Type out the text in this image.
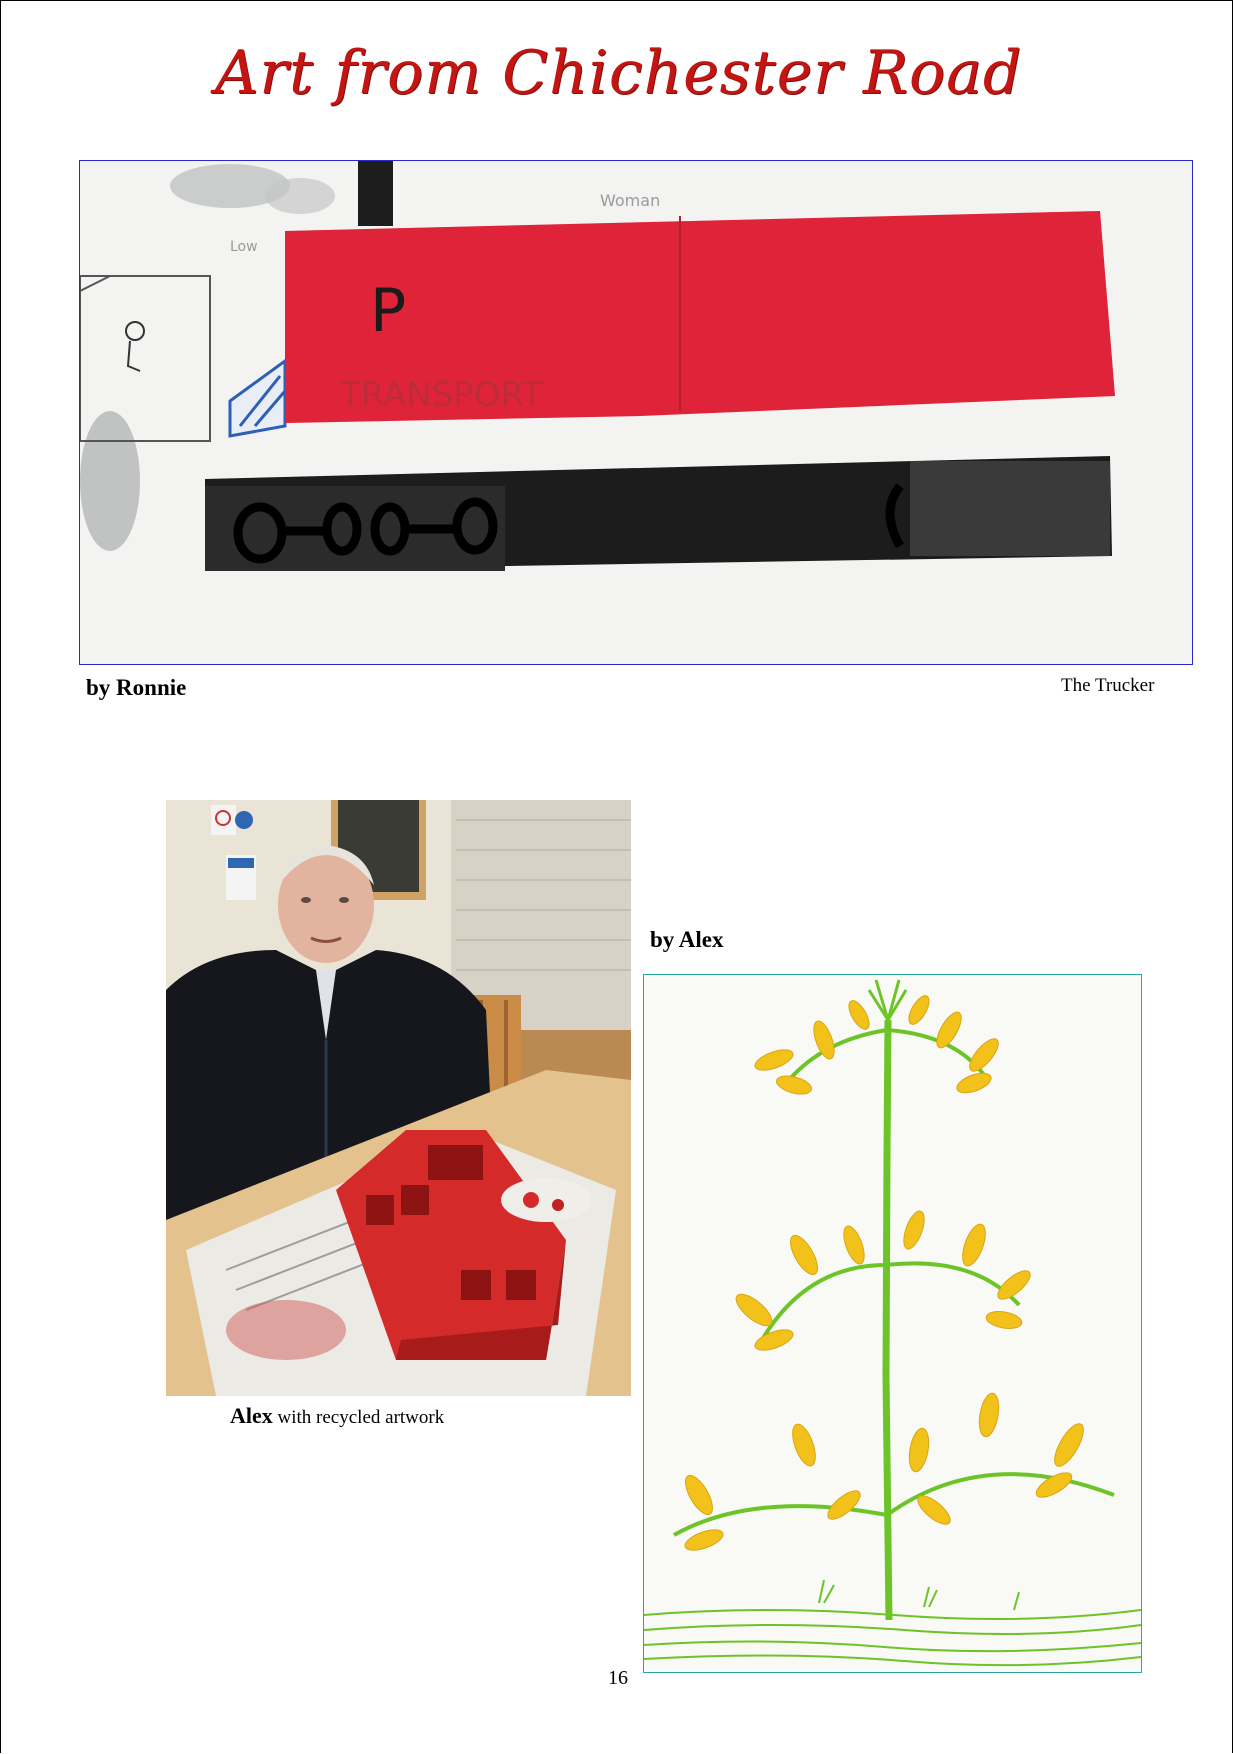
Art from Chichester Road
Woman
Low
P
TRANSPORT
by Ronnie	The Trucker
Alex with recycled artwork
by Alex
16
